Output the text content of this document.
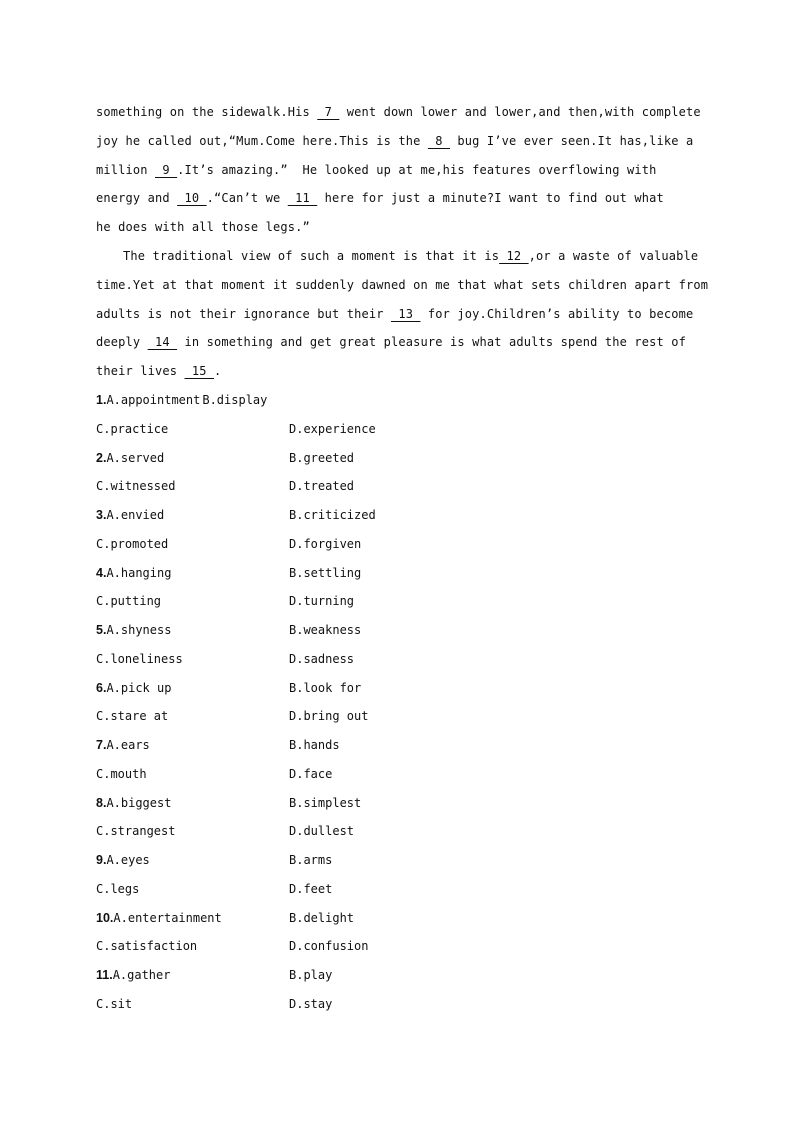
something on the sidewalk.His  7  went down lower and lower,and then,with complete
joy he called out,“Mum.Come here.This is the  8  bug I’ve ever seen.It has,like a
million  9 .It’s amazing.”  He looked up at me,his features overflowing with
energy and  10 .“Can’t we  11  here for just a minute?I want to find out what
he does with all those legs.”
The traditional view of such a moment is that it is 12 ,or a waste of valuable
time.Yet at that moment it suddenly dawned on me that what sets children apart from
adults is not their ignorance but their  13  for joy.Children’s ability to become
deeply  14  in something and get great pleasure is what adults spend the rest of
their lives  15 .
1.A.appointment B.display
C.practice	D.experience
2.A.served	B.greeted
C.witnessed	D.treated
3.A.envied	B.criticized
C.promoted	D.forgiven
4.A.hanging	B.settling
C.putting	D.turning
5.A.shyness	B.weakness
C.loneliness	D.sadness
6.A.pick up	B.look for
C.stare at	D.bring out
7.A.ears	B.hands
C.mouth	D.face
8.A.biggest	B.simplest
C.strangest	D.dullest
9.A.eyes	B.arms
C.legs	D.feet
10.A.entertainment	B.delight
C.satisfaction	D.confusion
11.A.gather	B.play
C.sit	D.stay
